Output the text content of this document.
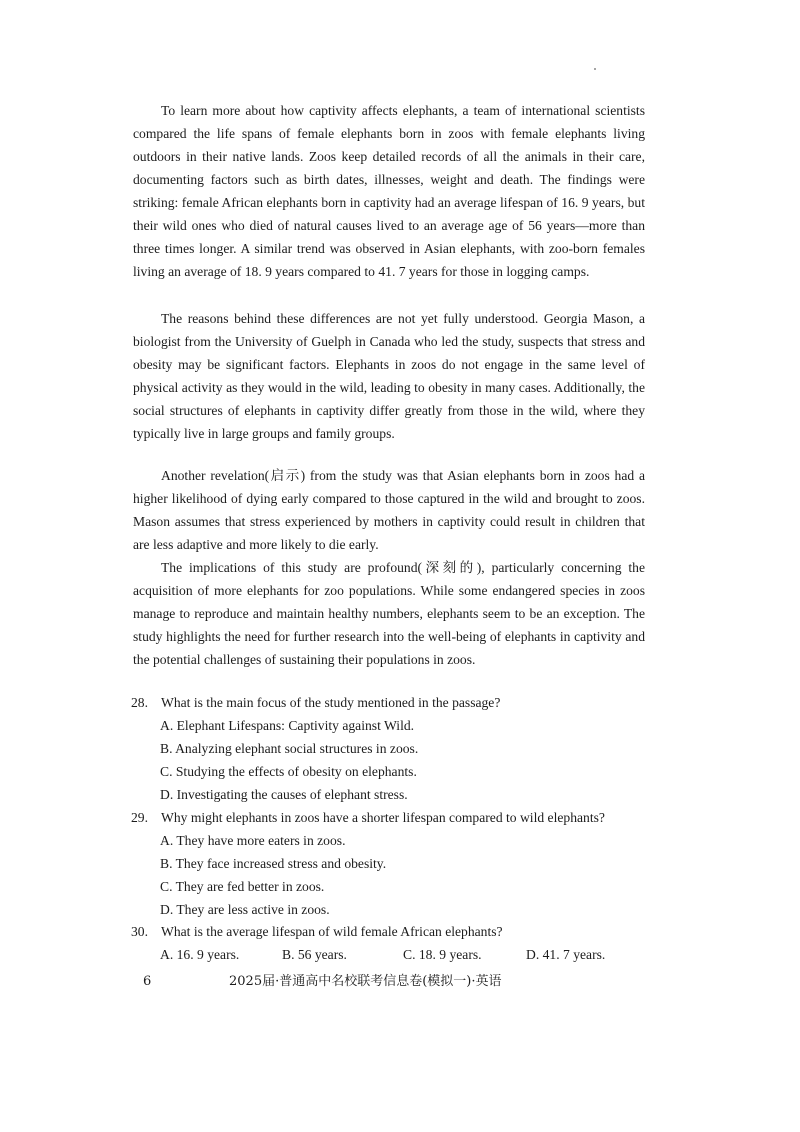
To learn more about how captivity affects elephants, a team of international scientists compared the life spans of female elephants born in zoos with female elephants living outdoors in their native lands. Zoos keep detailed records of all the animals in their care, documenting factors such as birth dates, illnesses, weight and death. The findings were striking: female African elephants born in captivity had an average lifespan of 16. 9 years, but their wild ones who died of natural causes lived to an average age of 56 years—more than three times longer. A similar trend was observed in Asian elephants, with zoo-born females living an average of 18. 9 years compared to 41. 7 years for those in logging camps.

The reasons behind these differences are not yet fully understood. Georgia Mason, a biologist from the University of Guelph in Canada who led the study, suspects that stress and obesity may be significant factors. Elephants in zoos do not engage in the same level of physical activity as they would in the wild, leading to obesity in many cases. Additionally, the social structures of elephants in captivity differ greatly from those in the wild, where they typically live in large groups and family groups.

Another revelation(启示) from the study was that Asian elephants born in zoos had a higher likelihood of dying early compared to those captured in the wild and brought to zoos. Mason assumes that stress experienced by mothers in captivity could result in children that are less adaptive and more likely to die early.

The implications of this study are profound(深刻的), particularly concerning the acquisition of more elephants for zoo populations. While some endangered species in zoos manage to reproduce and maintain healthy numbers, elephants seem to be an exception. The study highlights the need for further research into the well-being of elephants in captivity and the potential challenges of sustaining their populations in zoos.

28. What is the main focus of the study mentioned in the passage?
A. Elephant Lifespans: Captivity against Wild.
B. Analyzing elephant social structures in zoos.
C. Studying the effects of obesity on elephants.
D. Investigating the causes of elephant stress.
29. Why might elephants in zoos have a shorter lifespan compared to wild elephants?
A. They have more eaters in zoos.
B. They face increased stress and obesity.
C. They are fed better in zoos.
D. They are less active in zoos.
30. What is the average lifespan of wild female African elephants?
A. 16. 9 years.	B. 56 years.	C. 18. 9 years.	D. 41. 7 years.
6	2025届·普通高中名校联考信息卷(模拟一)·英语
